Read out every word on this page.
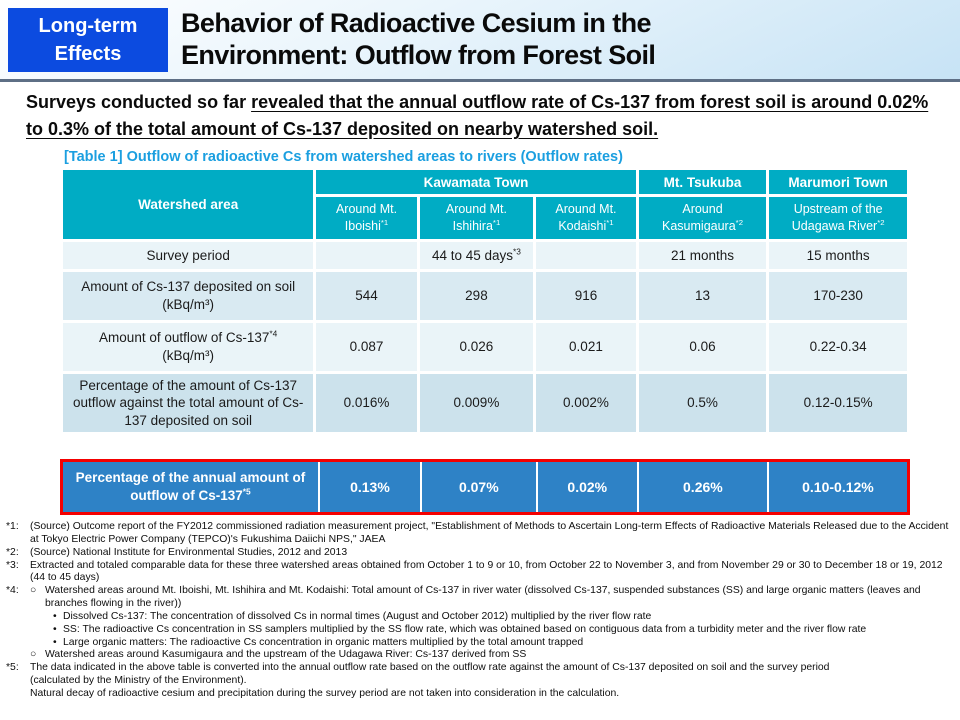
Long-term
Effects
Behavior of Radioactive Cesium in the
Environment: Outflow from Forest Soil
Surveys conducted so far revealed that the annual outflow rate of Cs-137 from forest soil is around 0.02% to 0.3% of the total amount of Cs-137 deposited on nearby watershed soil.
[Table 1] Outflow of radioactive Cs from watershed areas to rivers (Outflow rates)
Watershed area	Kawamata Town			Mt. Tsukuba	Marumori Town
	Around Mt. Iboishi$^{*1}$	Around Mt. Ishihira$^{*1}$	Around Mt. Kodaishi$^{*1}$	Around Kasumigaura$^{*2}$	Upstream of the Udagawa River$^{*2}$
Survey period		44 to 45 days$^{*3}$		21 months	15 months
Amount of Cs-137 deposited on soil
(kBq/m³)	544	298	916	13	170-230
Amount of outflow of Cs-137$^{*4}$
(kBq/m³)	0.087	0.026	0.021	0.06	0.22-0.34
Percentage of the amount of Cs-137 outflow against the total amount of Cs-137 deposited on soil	0.016%	0.009%	0.002%	0.5%	0.12-0.15%
Percentage of the annual amount of outflow of Cs-137$^{*5}$	0.13%	0.07%	0.02%	0.26%	0.10-0.12%
*1:	(Source) Outcome report of the FY2012 commissioned radiation measurement project, "Establishment of Methods to Ascertain Long-term Effects of Radioactive Materials Released due to the Accident at Tokyo Electric Power Company (TEPCO)'s Fukushima Daiichi NPS," JAEA
*2:	(Source) National Institute for Environmental Studies, 2012 and 2013
*3:	Extracted and totaled comparable data for these three watershed areas obtained from October 1 to 9 or 10, from October 22 to November 3, and from November 29 or 30 to December 18 or 19, 2012 (44 to 45 days)
*4:	○ Watershed areas around Mt. Iboishi, Mt. Ishihira and Mt. Kodaishi: Total amount of Cs-137 in river water (dissolved Cs-137, suspended substances (SS) and large organic matters (leaves and branches flowing in the river))
• Dissolved Cs-137: The concentration of dissolved Cs in normal times (August and October 2012) multiplied by the river flow rate
• SS: The radioactive Cs concentration in SS samplers multiplied by the SS flow rate, which was obtained based on contiguous data from a turbidity meter and the river flow rate
• Large organic matters: The radioactive Cs concentration in organic matters multiplied by the total amount trapped
○ Watershed areas around Kasumigaura and the upstream of the Udagawa River: Cs-137 derived from SS
*5:	The data indicated in the above table is converted into the annual outflow rate based on the outflow rate against the amount of Cs-137 deposited on soil and the survey period
(calculated by the Ministry of the Environment).
Natural decay of radioactive cesium and precipitation during the survey period are not taken into consideration in the calculation.
